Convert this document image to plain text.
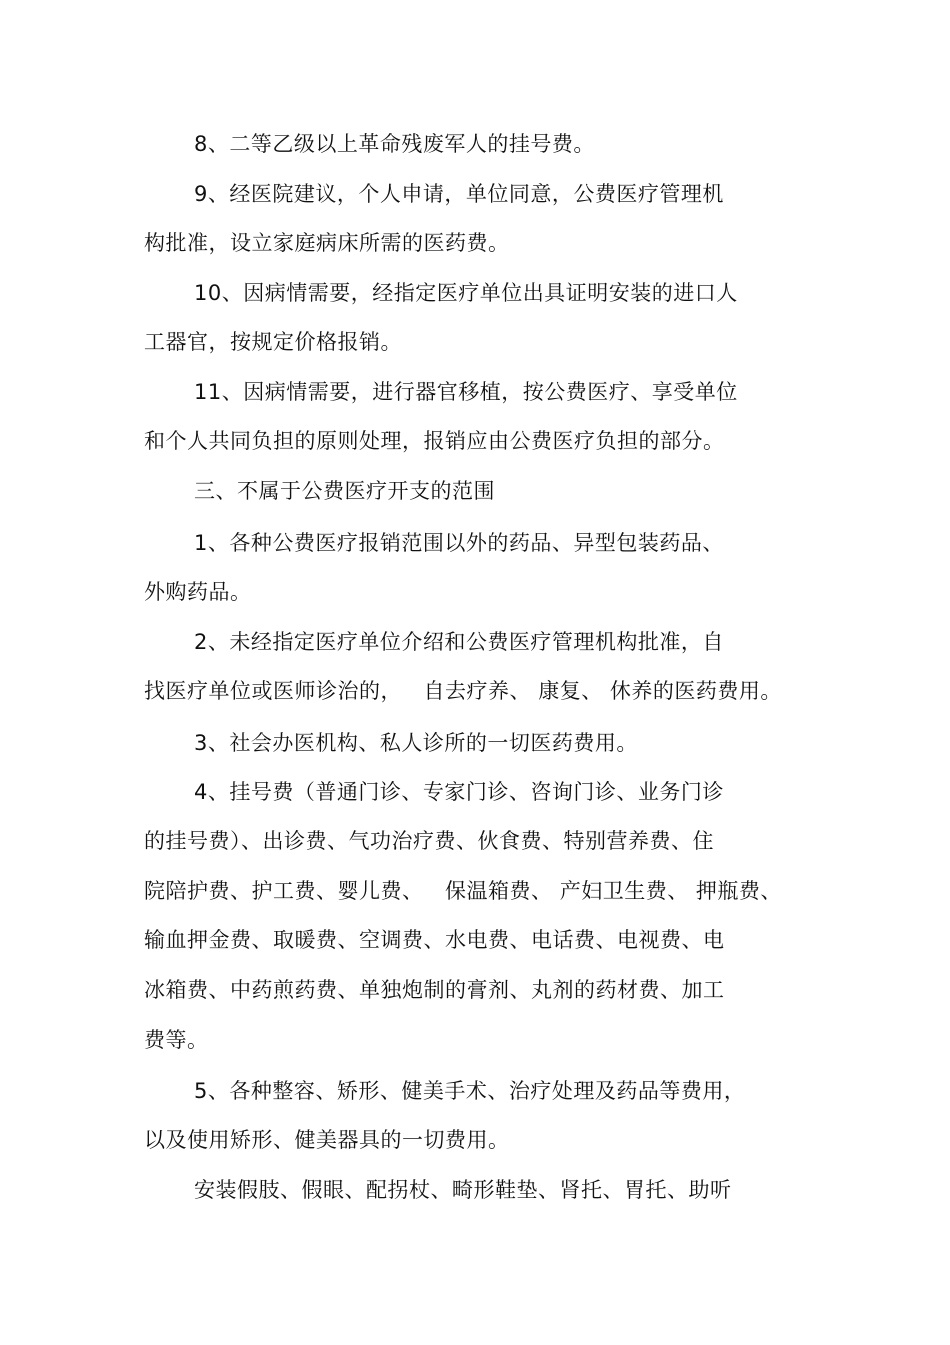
8、二等乙级以上革命残废军人的挂号费。
9、经医院建议，个人申请，单位同意，公费医疗管理机
构批准，设立家庭病床所需的医药费。
10、因病情需要，经指定医疗单位出具证明安装的进口人
工器官，按规定价格报销。
11、因病情需要，进行器官移植，按公费医疗、享受单位
和个人共同负担的原则处理，报销应由公费医疗负担的部分。
三、不属于公费医疗开支的范围
1、各种公费医疗报销范围以外的药品、异型包装药品、
外购药品。
2、未经指定医疗单位介绍和公费医疗管理机构批准，自
找医疗单位或医师诊治的，   自去疗养、 康复、 休养的医药费用。
3、社会办医机构、私人诊所的一切医药费用。
4、挂号费（普通门诊、专家门诊、咨询门诊、业务门诊
的挂号费）、出诊费、气功治疗费、伙食费、特别营养费、住
院陪护费、护工费、婴儿费、   保温箱费、 产妇卫生费、 押瓶费、
输血押金费、取暖费、空调费、水电费、电话费、电视费、电
冰箱费、中药煎药费、单独炮制的膏剂、丸剂的药材费、加工
费等。
5、各种整容、矫形、健美手术、治疗处理及药品等费用，
以及使用矫形、健美器具的一切费用。
安装假肢、假眼、配拐杖、畸形鞋垫、肾托、胃托、助听
